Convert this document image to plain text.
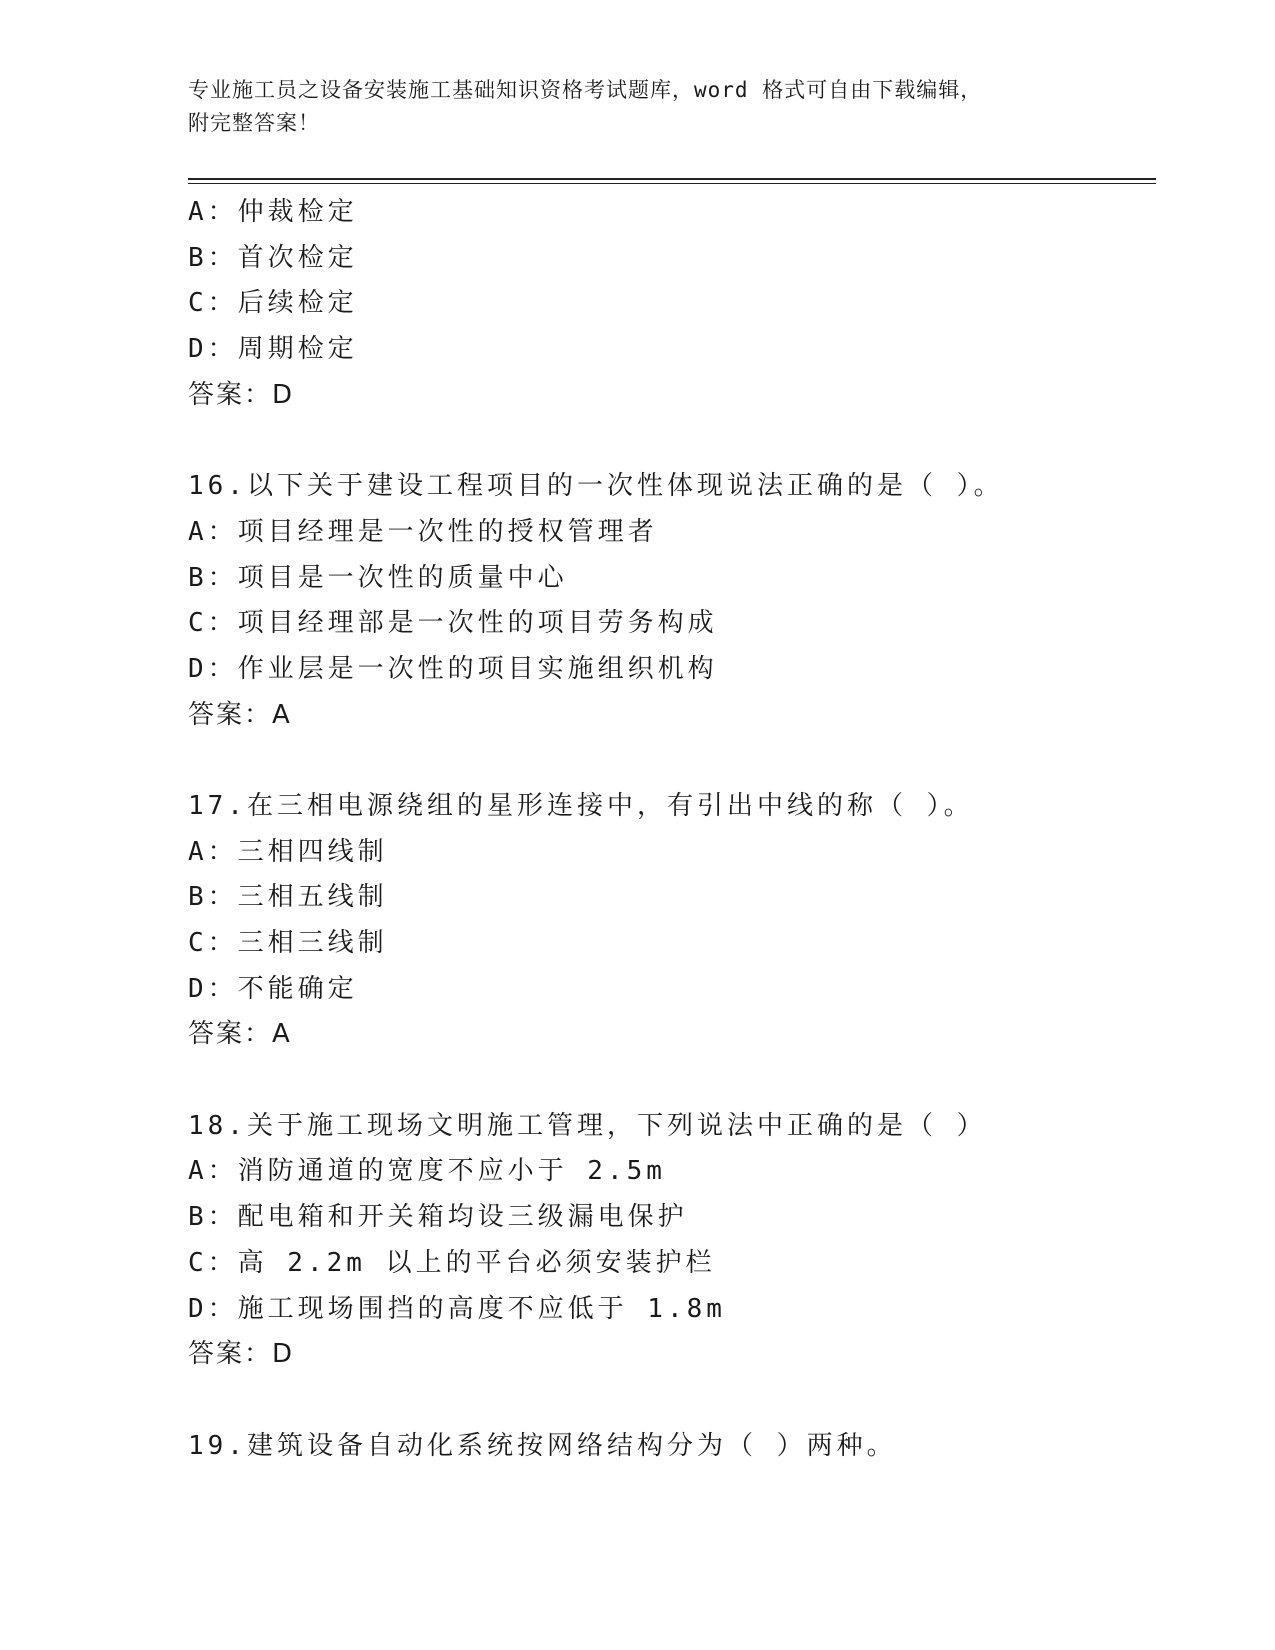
专业施工员之设备安装施工基础知识资格考试题库，word 格式可自由下载编辑，
附完整答案！
A：仲裁检定
B：首次检定
C：后续检定
D：周期检定
答案：D
16.以下关于建设工程项目的一次性体现说法正确的是（ ）。
A：项目经理是一次性的授权管理者
B：项目是一次性的质量中心
C：项目经理部是一次性的项目劳务构成
D：作业层是一次性的项目实施组织机构
答案：A
17.在三相电源绕组的星形连接中，有引出中线的称（ ）。
A：三相四线制
B：三相五线制
C：三相三线制
D：不能确定
答案：A
18.关于施工现场文明施工管理，下列说法中正确的是（ ）
A：消防通道的宽度不应小于 2.5m
B：配电箱和开关箱均设三级漏电保护
C：高 2.2m 以上的平台必须安装护栏
D：施工现场围挡的高度不应低于 1.8m
答案：D
19.建筑设备自动化系统按网络结构分为（ ）两种。
